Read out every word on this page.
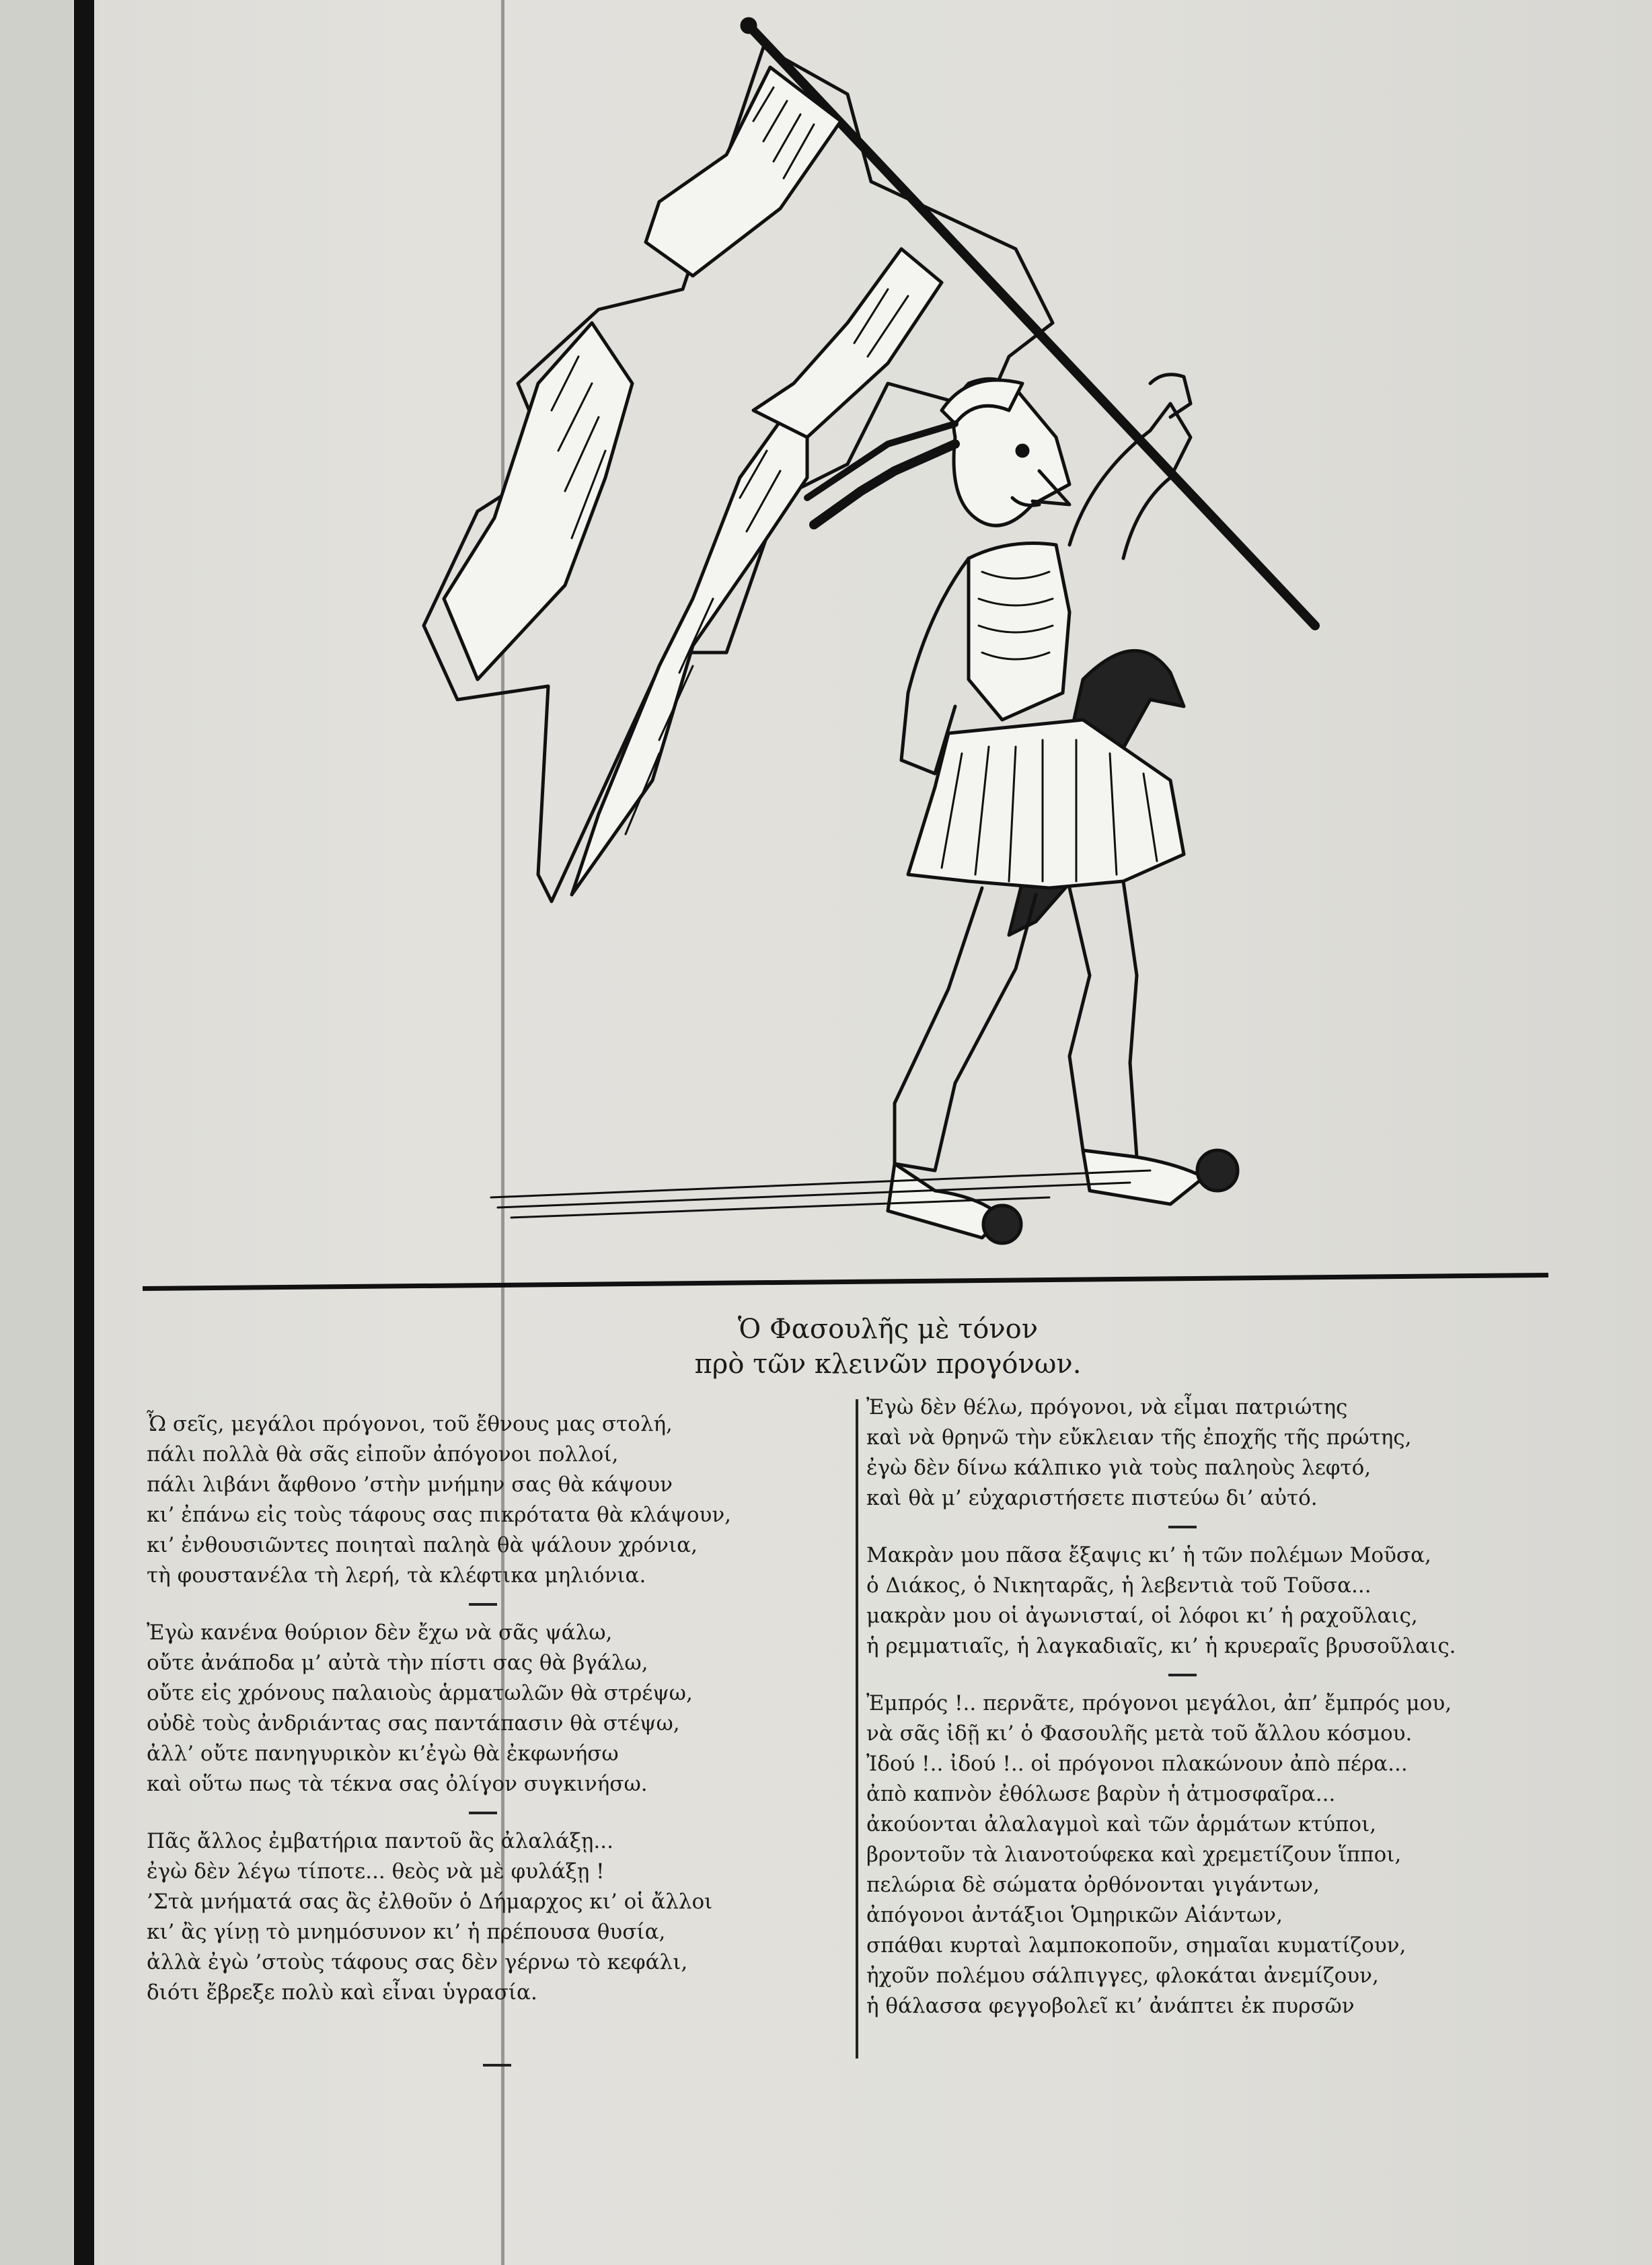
Ὁ Φασουλῆς μὲ τόνον
πρὸ τῶν κλεινῶν προγόνων.
Ὦ σεῖς, μεγάλοι πρόγονοι, τοῦ ἔθνους μας στολή,
πάλι πολλὰ θὰ σᾶς εἰποῦν ἀπόγονοι πολλοί,
πάλι λιβάνι ἄφθονο ’στὴν μνήμην σας θὰ κάψουν
κι’ ἐπάνω εἰς τοὺς τάφους σας πικρότατα θὰ κλάψουν,
κι’ ἐνθουσιῶντες ποιηταὶ παληὰ θὰ ψάλουν χρόνια,
τὴ φουστανέλα τὴ λερή, τὰ κλέφτικα μηλιόνια.
Ἐγὼ κανένα θούριον δὲν ἔχω νὰ σᾶς ψάλω,
οὔτε ἀνάποδα μ’ αὐτὰ τὴν πίστι σας θὰ βγάλω,
οὔτε εἰς χρόνους παλαιοὺς ἁρματωλῶν θὰ στρέψω,
οὐδὲ τοὺς ἀνδριάντας σας παντάπασιν θὰ στέψω,
ἀλλ’ οὔτε πανηγυρικὸν κι’ἐγὼ θὰ ἐκφωνήσω
καὶ οὕτω πως τὰ τέκνα σας ὀλίγον συγκινήσω.
Πᾶς ἄλλος ἐμβατήρια παντοῦ ἂς ἀλαλάξῃ...
ἐγὼ δὲν λέγω τίποτε... θεὸς νὰ μὲ φυλάξῃ !
’Στὰ μνήματά σας ἂς ἐλθοῦν ὁ Δήμαρχος κι’ οἱ ἄλλοι
κι’ ἂς γίνῃ τὸ μνημόσυνον κι’ ἡ πρέπουσα θυσία,
ἀλλὰ ἐγὼ ’στοὺς τάφους σας δὲν γέρνω τὸ κεφάλι,
διότι ἔβρεξε πολὺ καὶ εἶναι ὑγρασία.
Ἐγὼ δὲν θέλω, πρόγονοι, νὰ εἶμαι πατριώτης
καὶ νὰ θρηνῶ τὴν εὔκλειαν τῆς ἐποχῆς τῆς πρώτης,
ἐγὼ δὲν δίνω κάλπικο γιὰ τοὺς παληοὺς λεφτό,
καὶ θὰ μ’ εὐχαριστήσετε πιστεύω δι’ αὐτό.
Μακρὰν μου πᾶσα ἔξαψις κι’ ἡ τῶν πολέμων Μοῦσα,
ὁ Διάκος, ὁ Νικηταρᾶς, ἡ λεβεντιὰ τοῦ Τοῦσα...
μακρὰν μου οἱ ἀγωνισταί, οἱ λόφοι κι’ ἡ ραχοῦλαις,
ἡ ρεμματιαῖς, ἡ λαγκαδιαῖς, κι’ ἡ κρυεραῖς βρυσοῦλαις.
Ἐμπρός !.. περνᾶτε, πρόγονοι μεγάλοι, ἀπ’ ἔμπρός μου,
νὰ σᾶς ἰδῇ κι’ ὁ Φασουλῆς μετὰ τοῦ ἄλλου κόσμου.
Ἰδού !.. ἰδού !.. οἱ πρόγονοι πλακώνουν ἀπὸ πέρα...
ἀπὸ καπνὸν ἐθόλωσε βαρὺν ἡ ἀτμοσφαῖρα...
ἀκούονται ἀλαλαγμοὶ καὶ τῶν ἁρμάτων κτύποι,
βροντοῦν τὰ λιανοτούφεκα καὶ χρεμετίζουν ἵπποι,
πελώρια δὲ σώματα ὀρθόνονται γιγάντων,
ἀπόγονοι ἀντάξιοι Ὁμηρικῶν Αἰάντων,
σπάθαι κυρταὶ λαμποκοποῦν, σημαῖαι κυματίζουν,
ἠχοῦν πολέμου σάλπιγγες, φλοκάται ἀνεμίζουν,
ἡ θάλασσα φεγγοβολεῖ κι’ ἀνάπτει ἐκ πυρσῶν
